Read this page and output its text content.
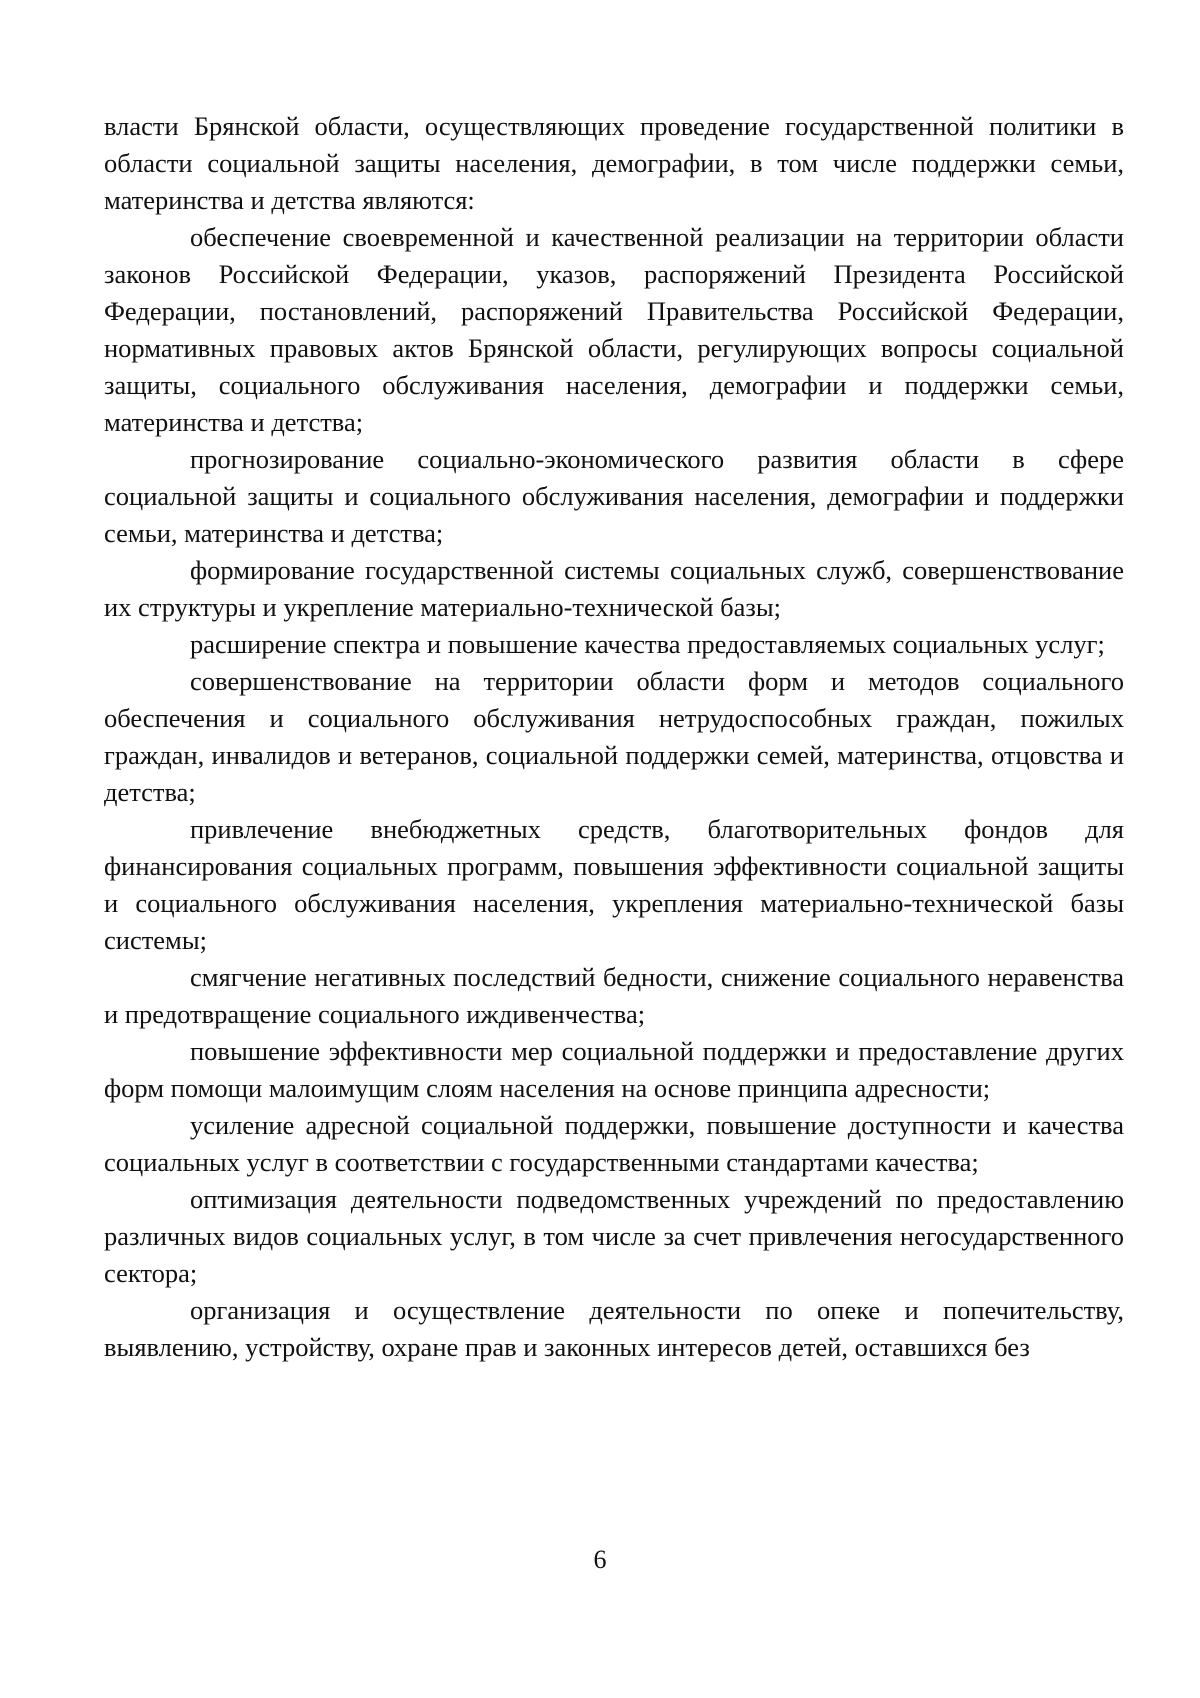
власти Брянской области, осуществляющих проведение государственной политики в области социальной защиты населения, демографии, в том числе поддержки семьи, материнства и детства являются:

обеспечение своевременной и качественной реализации на территории области законов Российской Федерации, указов, распоряжений Президента Российской Федерации, постановлений, распоряжений Правительства Российской Федерации, нормативных правовых актов Брянской области, регулирующих вопросы социальной защиты, социального обслуживания населения, демографии и поддержки семьи, материнства и детства;

прогнозирование социально-экономического развития области в сфере социальной защиты и социального обслуживания населения, демографии и поддержки семьи, материнства и детства;

формирование государственной системы социальных служб, совершенствование их структуры и укрепление материально-технической базы;

расширение спектра и повышение качества предоставляемых социальных услуг;

совершенствование на территории области форм и методов социального обеспечения и социального обслуживания нетрудоспособных граждан, пожилых граждан, инвалидов и ветеранов, социальной поддержки семей, материнства, отцовства и детства;

привлечение внебюджетных средств, благотворительных фондов для финансирования социальных программ, повышения эффективности социальной защиты и социального обслуживания населения, укрепления материально-технической базы системы;

смягчение негативных последствий бедности, снижение социального неравенства и предотвращение социального иждивенчества;

повышение эффективности мер социальной поддержки и предоставление других форм помощи малоимущим слоям населения на основе принципа адресности;

усиление адресной социальной поддержки, повышение доступности и качества социальных услуг в соответствии с государственными стандартами качества;

оптимизация деятельности подведомственных учреждений по предоставлению различных видов социальных услуг, в том числе за счет привлечения негосударственного сектора;

организация и осуществление деятельности по опеке и попечительству, выявлению, устройству, охране прав и законных интересов детей, оставшихся без

6
